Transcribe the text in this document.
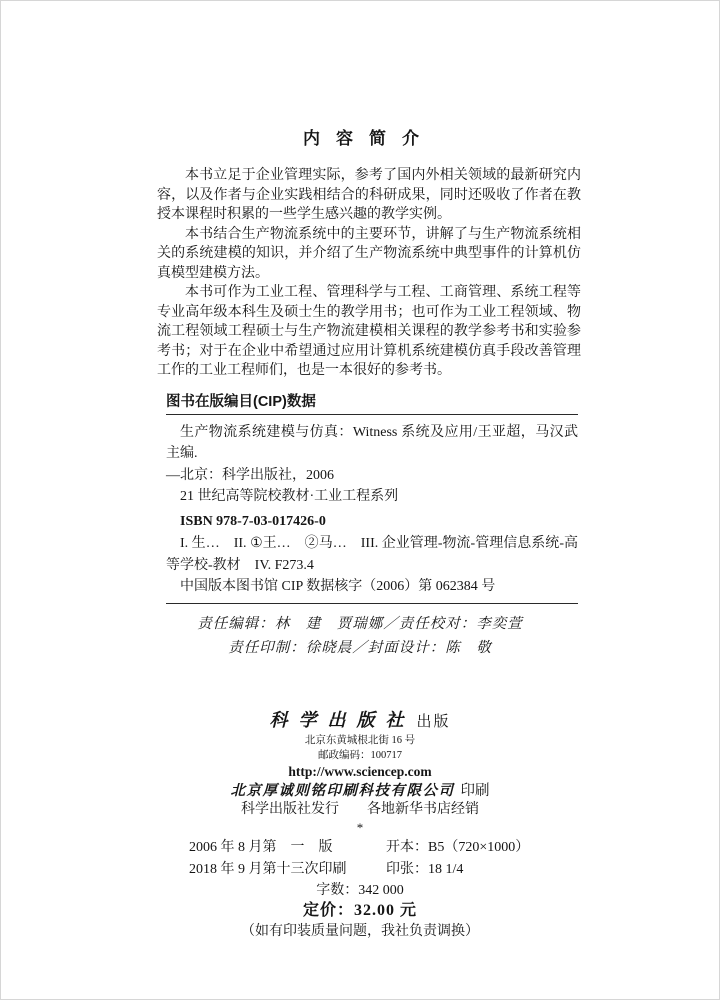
内容简介

本书立足于企业管理实际，参考了国内外相关领域的最新研究内容，以及作者与企业实践相结合的科研成果，同时还吸收了作者在教授本课程时积累的一些学生感兴趣的教学实例。

本书结合生产物流系统中的主要环节，讲解了与生产物流系统相关的系统建模的知识，并介绍了生产物流系统中典型事件的计算机仿真模型建模方法。

本书可作为工业工程、管理科学与工程、工商管理、系统工程等专业高年级本科生及硕士生的教学用书；也可作为工业工程领域、物流工程领域工程硕士与生产物流建模相关课程的教学参考书和实验参考书；对于在企业中希望通过应用计算机系统建模仿真手段改善管理工作的工业工程师们，也是一本很好的参考书。

图书在版编目(CIP)数据

生产物流系统建模与仿真：Witness 系统及应用/王亚超，马汉武主编.

—北京：科学出版社，2006

21 世纪高等院校教材·工业工程系列

ISBN 978-7-03-017426-0

I. 生…　II. ①王…　②马…　III. 企业管理-物流-管理信息系统-高等学校-教材　IV. F273.4

中国版本图书馆 CIP 数据核字（2006）第 062384 号

责任编辑：林　建　贾瑞娜／责任校对：李奕萱
责任印制：徐晓晨／封面设计：陈　敬
科学出版社 出版
北京东黄城根北街 16 号
邮政编码：100717
http://www.sciencep.com
北京厚诚则铭印刷科技有限公司 印刷
科学出版社发行　　各地新华书店经销
*
2006 年 8 月第　一　版	开本：B5（720×1000）
2018 年 9 月第十三次印刷	印张：18 1/4
字数：342 000
定价：32.00 元
（如有印装质量问题，我社负责调换）
